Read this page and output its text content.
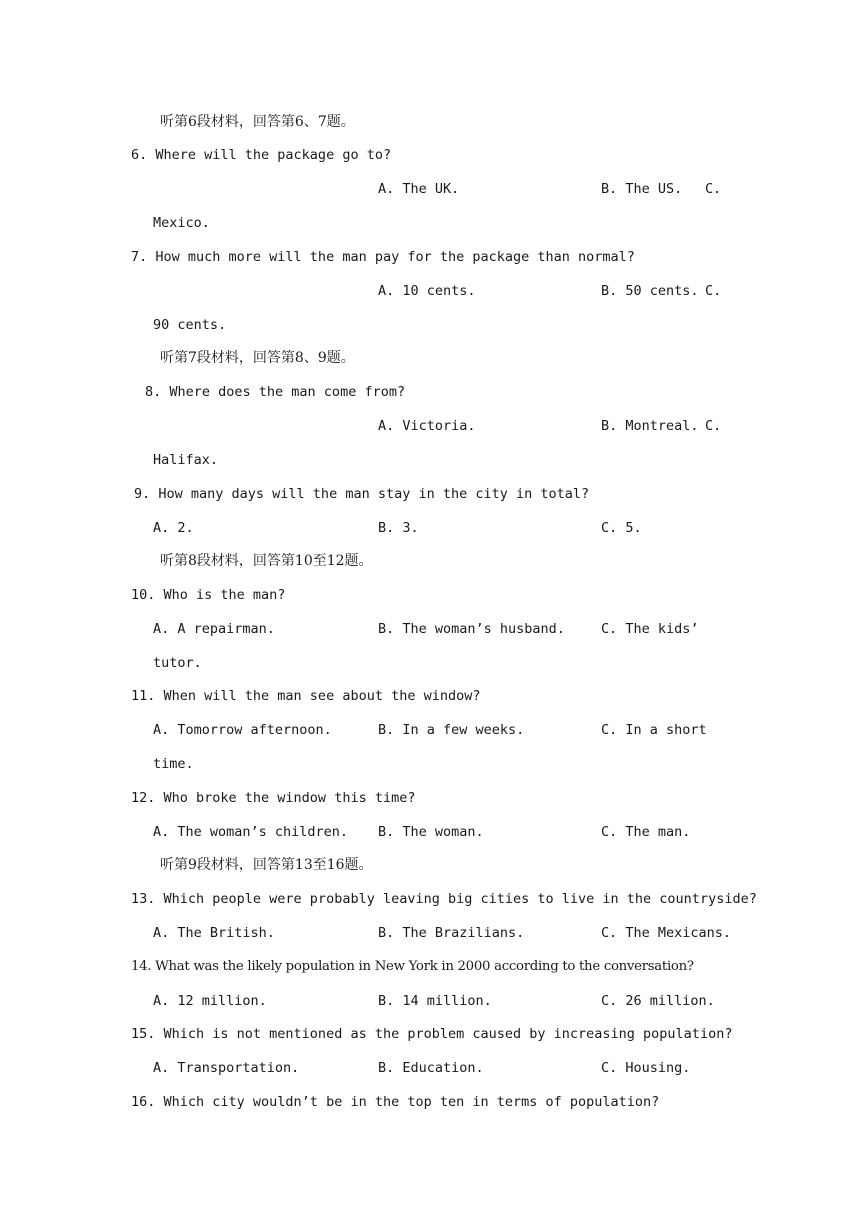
听第6段材料，回答第6、7题。
6. Where will the package go to?
A. The UK.	B. The US. C.
Mexico.
7. How much more will the man pay for the package than normal?
A. 10 cents.	B. 50 cents. C.
90 cents.
听第7段材料，回答第8、9题。
8. Where does the man come from?
A. Victoria.	B. Montreal. C.
Halifax.
9. How many days will the man stay in the city in total?
A. 2.	B. 3.	C. 5.
听第8段材料，回答第10至12题。
10. Who is the man?
A. A repairman.	B. The woman’s husband.	C. The kids’
tutor.
11. When will the man see about the window?
A. Tomorrow afternoon.	B. In a few weeks.	C. In a short
time.
12. Who broke the window this time?
A. The woman’s children. B. The woman.	C. The man.
听第9段材料，回答第13至16题。
13. Which people were probably leaving big cities to live in the countryside?
A. The British.	B. The Brazilians.	C. The Mexicans.
14. What was the likely population in New York in 2000 according to the conversation?
A. 12 million.	B. 14 million.	C. 26 million.
15. Which is not mentioned as the problem caused by increasing population?
A. Transportation.	B. Education.	C. Housing.
16. Which city wouldn’t be in the top ten in terms of population?
